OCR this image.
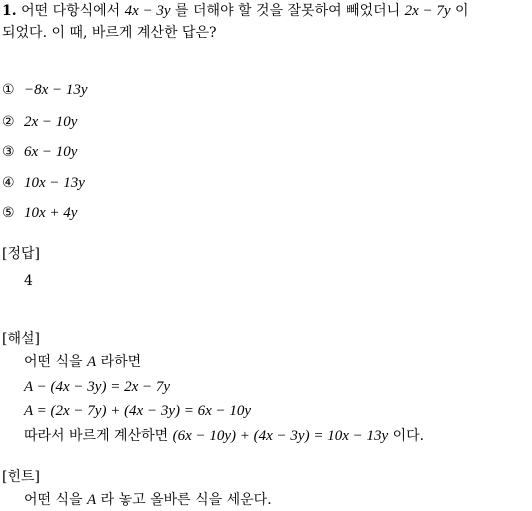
1. 어떤 다항식에서 4x − 3y 를 더해야 할 것을 잘못하여 빼었더니 2x − 7y 이
되었다. 이 때, 바르게 계산한 답은?
① −8x − 13y
② 2x − 10y
③ 6x − 10y
④ 10x − 13y
⑤ 10x + 4y
[정답]
4
[해설]
어떤 식을 A 라하면
A − (4x − 3y) = 2x − 7y
A = (2x − 7y) + (4x − 3y) = 6x − 10y
따라서 바르게 계산하면 (6x − 10y) + (4x − 3y) = 10x − 13y 이다.
[힌트]
어떤 식을 A 라 놓고 올바른 식을 세운다.
